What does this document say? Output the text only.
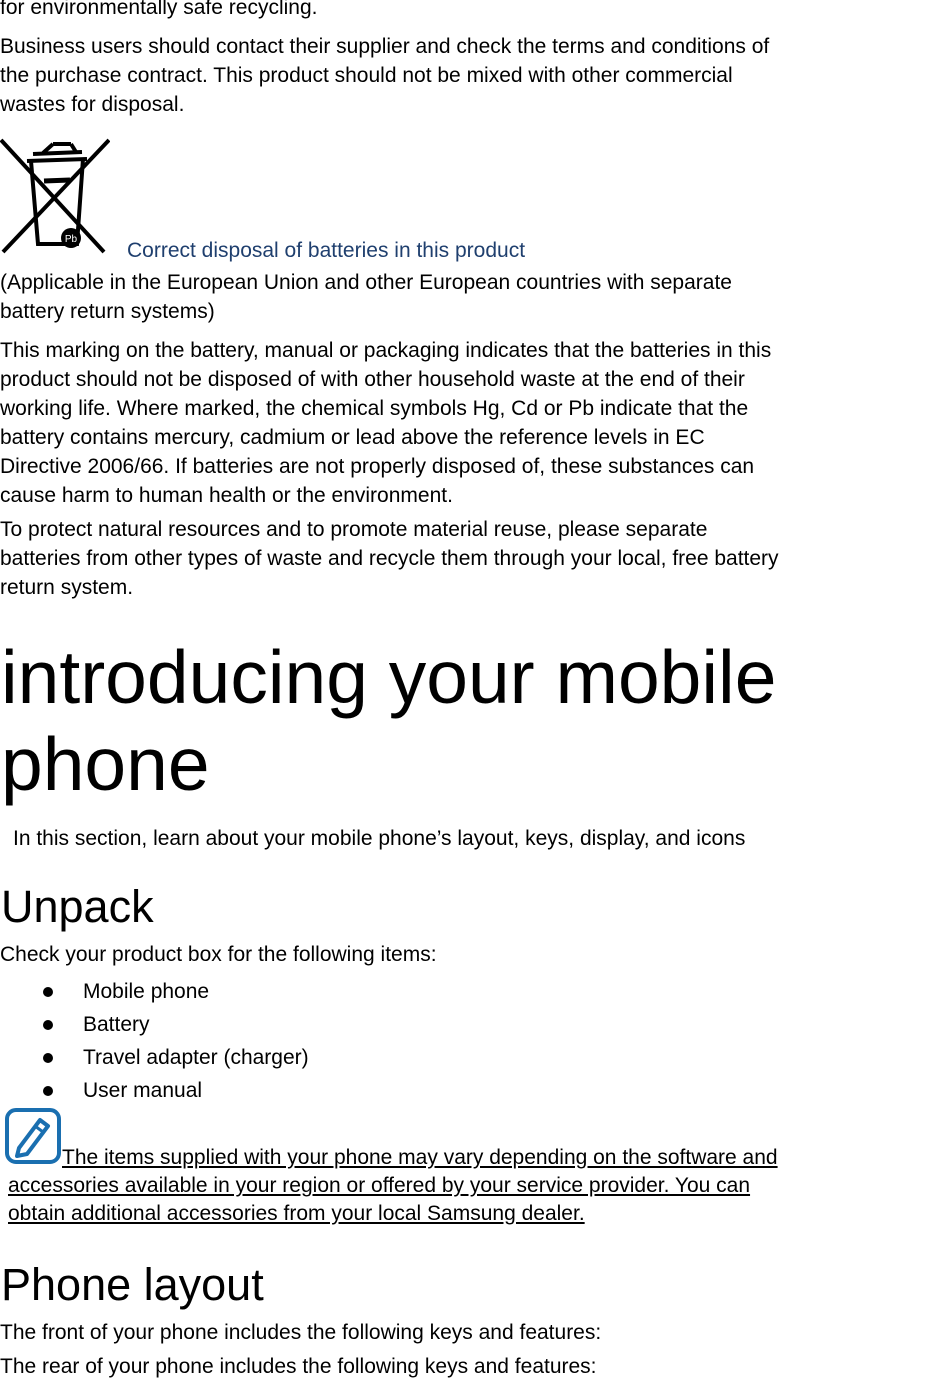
for environmentally safe recycling.

Business users should contact their supplier and check the terms and conditions of

the purchase contract. This product should not be mixed with other commercial

wastes for disposal.

Pb Correct disposal of batteries in this product

(Applicable in the European Union and other European countries with separate

battery return systems)

This marking on the battery, manual or packaging indicates that the batteries in this

product should not be disposed of with other household waste at the end of their

working life. Where marked, the chemical symbols Hg, Cd or Pb indicate that the

battery contains mercury, cadmium or lead above the reference levels in EC

Directive 2006/66. If batteries are not properly disposed of, these substances can

cause harm to human health or the environment.

To protect natural resources and to promote material reuse, please separate

batteries from other types of waste and recycle them through your local, free battery

return system.

introducing your mobile
phone
In this section, learn about your mobile phone’s layout, keys, display, and icons
Unpack

Check your product box for the following items:

Mobile phone
Battery
Travel adapter (charger)
User manual
The items supplied with your phone may vary depending on the software and
accessories available in your region or offered by your service provider. You can
obtain additional accessories from your local Samsung dealer.
Phone layout

The front of your phone includes the following keys and features:

The rear of your phone includes the following keys and features:
